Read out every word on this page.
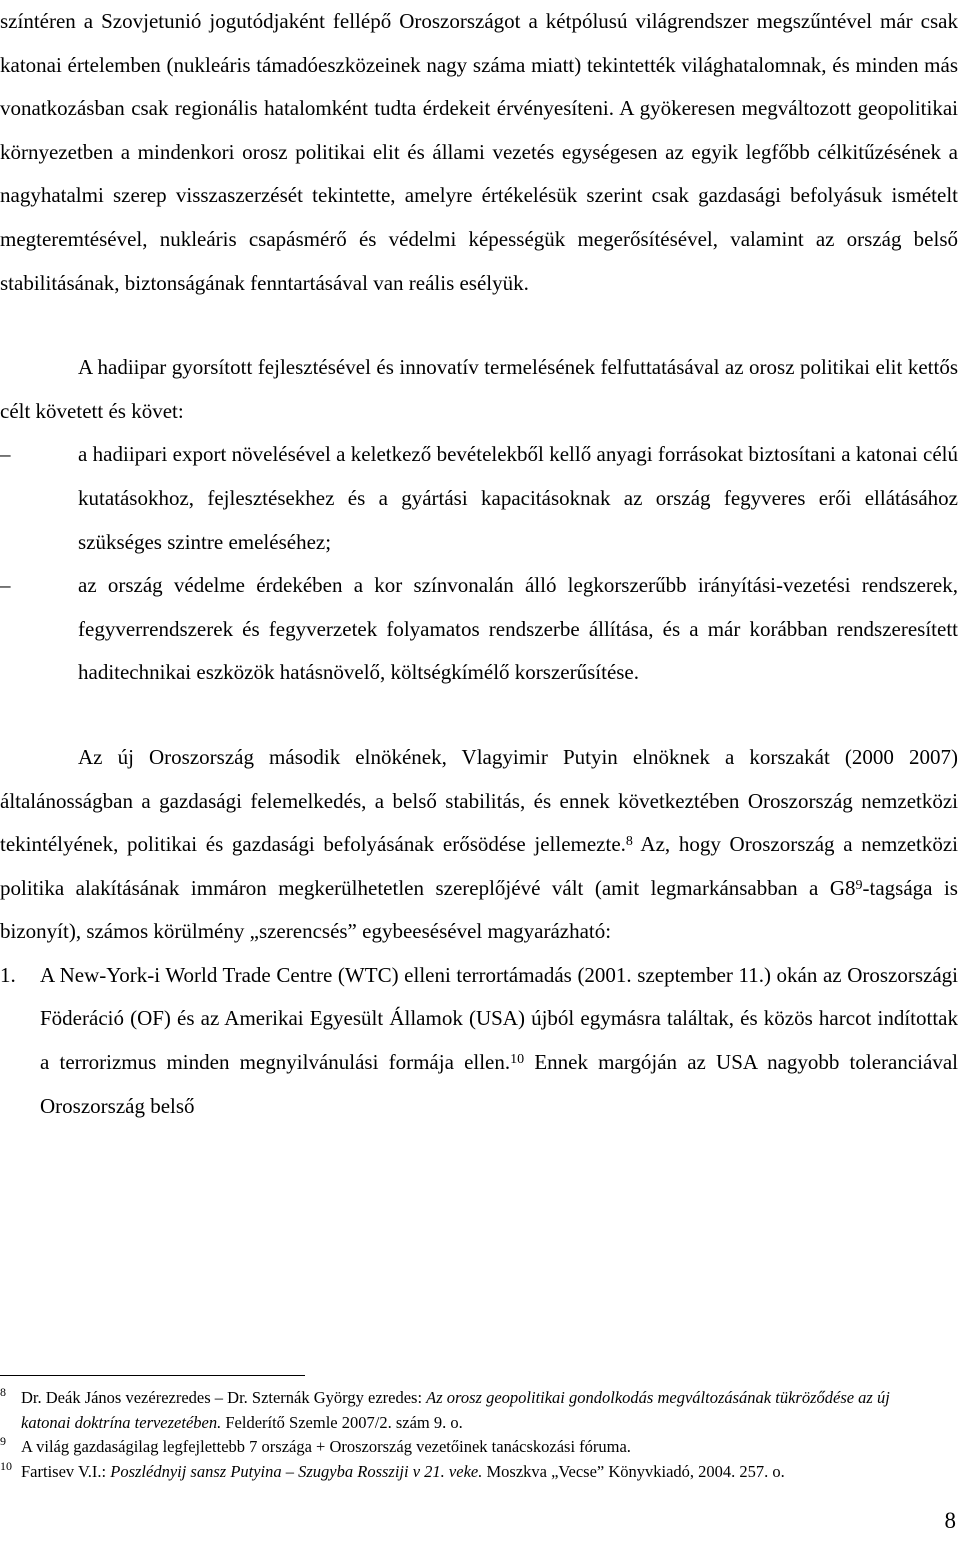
színtéren a Szovjetunió jogutódjaként fellépő Oroszországot a kétpólusú világrendszer megszűntével már csak katonai értelemben (nukleáris támadóeszközeinek nagy száma miatt) tekintették világhatalomnak, és minden más vonatkozásban csak regionális hatalomként tudta érdekeit érvényesíteni. A gyökeresen megváltozott geopolitikai környezetben a mindenkori orosz politikai elit és állami vezetés egységesen az egyik legfőbb célkitűzésének a nagyhatalmi szerep visszaszerzését tekintette, amelyre értékelésük szerint csak gazdasági befolyásuk ismételt megteremtésével, nukleáris csapásmérő és védelmi képességük megerősítésével, valamint az ország belső stabilitásának, biztonságának fenntartásával van reális esélyük.

A hadiipar gyorsított fejlesztésével és innovatív termelésének felfuttatásával az orosz politikai elit kettős célt követett és követ:

–	a hadiipari export növelésével a keletkező bevételekből kellő anyagi forrásokat biztosítani a katonai célú kutatásokhoz, fejlesztésekhez és a gyártási kapacitásoknak az ország fegyveres erői ellátásához szükséges szintre emeléséhez;
–	az ország védelme érdekében a kor színvonalán álló legkorszerűbb irányítási-vezetési rendszerek, fegyverrendszerek és fegyverzetek folyamatos rendszerbe állítása, és a már korábban rendszeresített haditechnikai eszközök hatásnövelő, költségkímélő korszerűsítése.

Az új Oroszország második elnökének, Vlagyimir Putyin elnöknek a korszakát (2000 2007) általánosságban a gazdasági felemelkedés, a belső stabilitás, és ennek következtében Oroszország nemzetközi tekintélyének, politikai és gazdasági befolyásának erősödése jellemezte.$^8$ Az, hogy Oroszország a nemzetközi politika alakításának immáron megkerülhetetlen szereplőjévé vált (amit legmarkánsabban a $G8^9$-tagsága is bizonyít), számos körülmény „szerencsés” egybeesésével magyarázható:

1. A New-York-i World Trade Centre (WTC) elleni terrortámadás (2001. szeptember 11.) okán az Oroszországi Föderáció (OF) és az Amerikai Egyesült Államok (USA) újból egymásra találtak, és közös harcot indítottak a terrorizmus minden megnyilvánulási formája ellen.$^{10}$ Ennek margóján az USA nagyobb toleranciával Oroszország belső

8 Dr. Deák János vezérezredes – Dr. Szternák György ezredes: Az orosz geopolitikai gondolkodás megváltozásának tükröződése az új katonai doktrína tervezetében. Felderítő Szemle 2007/2. szám 9. o.

9 A világ gazdaságilag legfejlettebb 7 országa + Oroszország vezetőinek tanácskozási fóruma.

10 Fartisev V.I.: Poszlédnyij sansz Putyina – Szugyba Rossziji v 21. veke. Moszkva „Vecse” Könyvkiadó, 2004. 257. o.

8
